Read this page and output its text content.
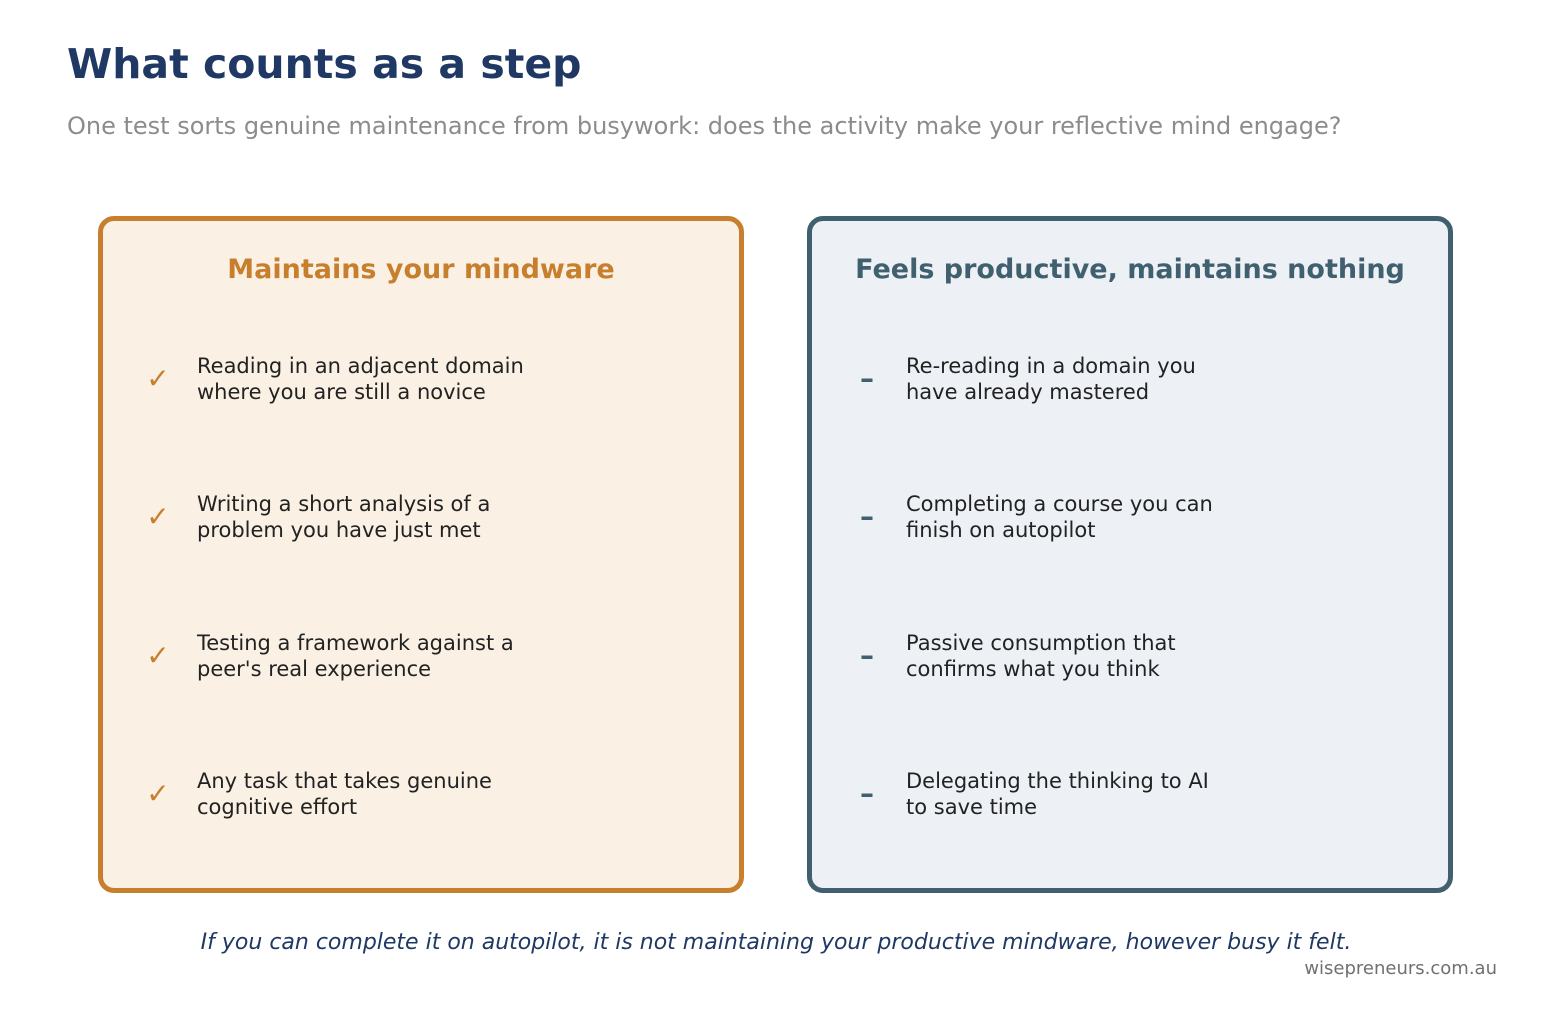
What counts as a step

One test sorts genuine maintenance from busywork: does the activity make your reflective mind engage?

Maintains your mindware
✓ Reading in an adjacent domain
where you are still a novice
✓ Writing a short analysis of a
problem you have just met
✓ Testing a framework against a
peer's real experience
✓ Any task that takes genuine
cognitive effort
Feels productive, maintains nothing
–	Re-reading in a domain you
have already mastered
–	Completing a course you can
finish on autopilot
–	Passive consumption that
confirms what you think
–	Delegating the thinking to AI
to save time

If you can complete it on autopilot, it is not maintaining your productive mindware, however busy it felt.

wisepreneurs.com.au
